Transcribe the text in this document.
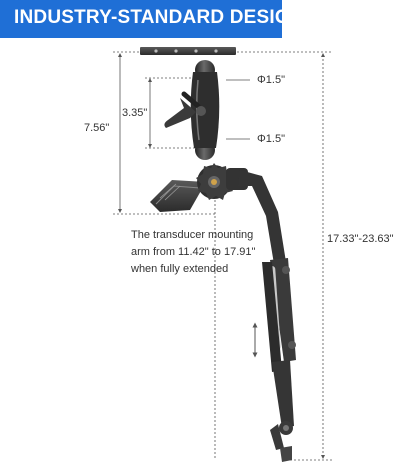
INDUSTRY-STANDARD DESIGN
Φ1.5"
Φ1.5"
3.35"
7.56"
17.33"-23.63"
The transducer mounting
arm from 11.42" to 17.91"
when fully extended
